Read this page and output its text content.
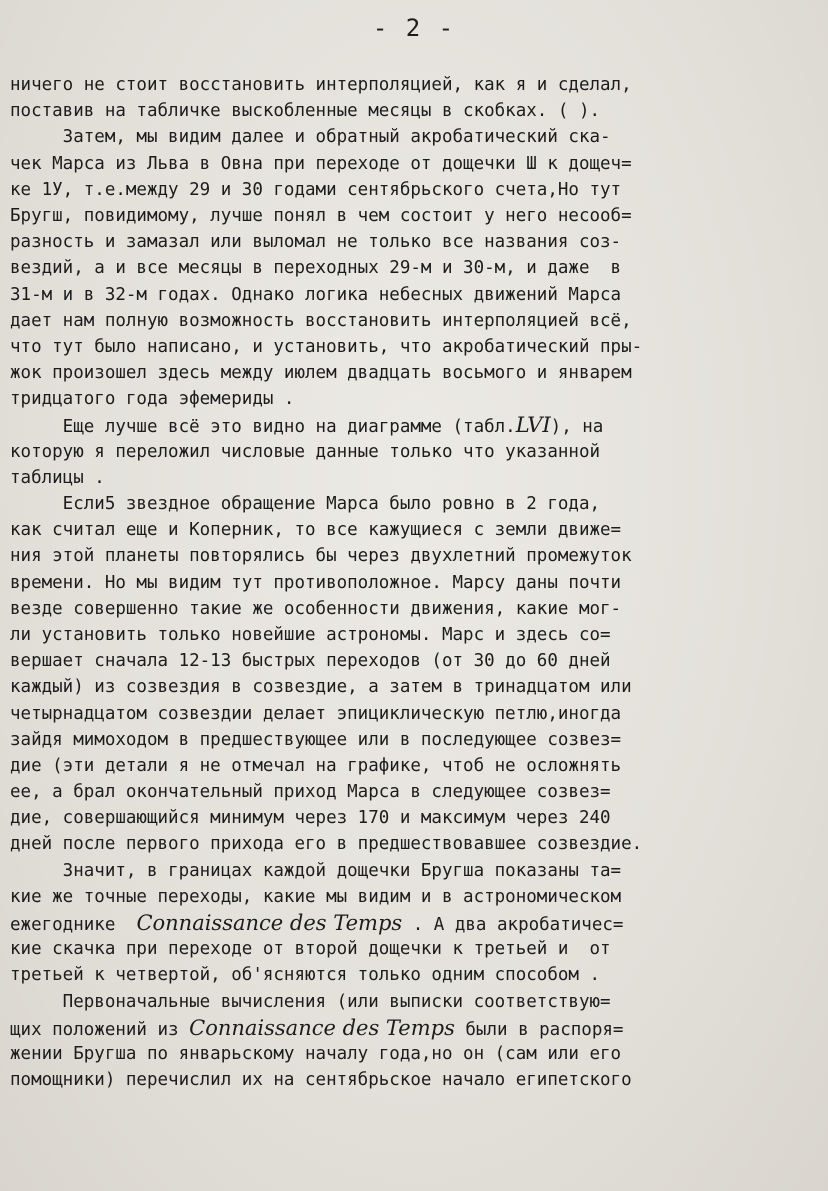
- 2 -
ничего не стоит восстановить интерполяцией, как я и сделал,
поставив на табличке выскобленные месяцы в скобках. ( ).
Затем, мы видим далее и обратный акробатический ска-
чек Марса из Льва в Овна при переходе от дощечки Ш к дощеч=
ке 1У, т.е.между 29 и 30 годами сентябрьского счета,Но тут
Бругш, повидимому, лучше понял в чем состоит у него несооб=
разность и замазал или выломал не только все названия соз-
вездий, а и все месяцы в переходных 29-м и 30-м, и даже  в
31-м и в 32-м годах. Однако логика небесных движений Марса
дает нам полную возможность восстановить интерполяцией всё,
что тут было написано, и установить, что акробатический пры-
жок произошел здесь между июлем двадцать восьмого и январем
тридцатого года эфемериды .
Еще лучше всё это видно на диаграмме (табл.LVI), на
которую я переложил числовые данные только что указанной
таблицы .
Если5 звездное обращение Марса было ровно в 2 года,
как считал еще и Коперник, то все кажущиеся с земли движе=
ния этой планеты повторялись бы через двухлетний промежуток
времени. Но мы видим тут противоположное. Марсу даны почти
везде совершенно такие же особенности движения, какие мог-
ли установить только новейшие астрономы. Марс и здесь со=
вершает сначала 12-13 быстрых переходов (от 30 до 60 дней
каждый) из созвездия в созвездие, а затем в тринадцатом или
четырнадцатом созвездии делает эпициклическую петлю,иногда
зайдя мимоходом в предшествующее или в последующее созвез=
дие (эти детали я не отмечал на графике, чтоб не осложнять
ее, а брал окончательный приход Марса в следующее созвез=
дие, совершающийся минимум через 170 и максимум через 240
дней после первого прихода его в предшествовавшее созвездие.
Значит, в границах каждой дощечки Бругша показаны та=
кие же точные переходы, какие мы видим и в астрономическом
ежегоднике  Connaissance des Temps . А два акробатичес=
кие скачка при переходе от второй дощечки к третьей и  от
третьей к четвертой, об'ясняются только одним способом .
Первоначальные вычисления (или выписки соответствую=
щих положений из Connaissance des Temps были в распоря=
жении Бругша по январьскому началу года,но он (сам или его
помощники) перечислил их на сентябрьское начало египетского
